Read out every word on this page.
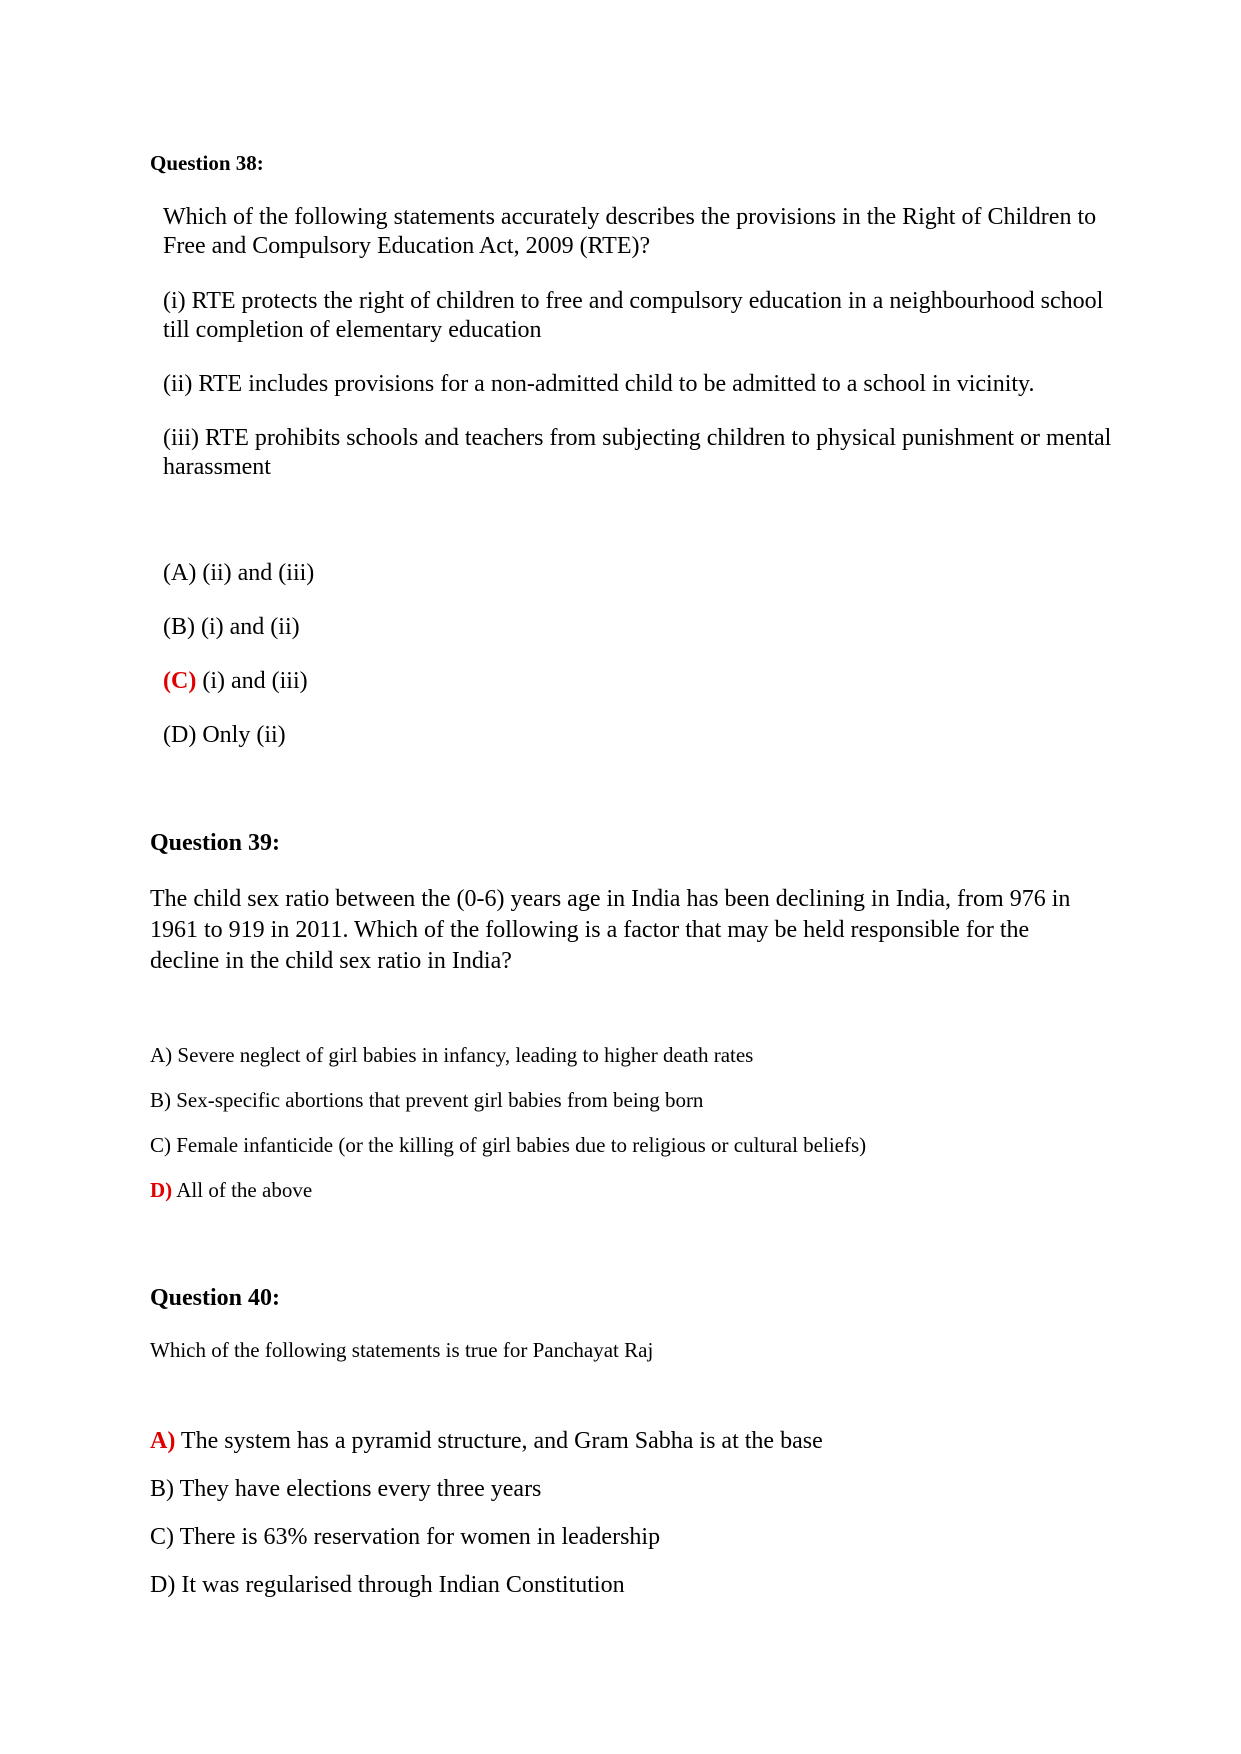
Question 38:
Which of the following statements accurately describes the provisions in the Right of Children to Free and Compulsory Education Act, 2009 (RTE)?
(i) RTE protects the right of children to free and compulsory education in a neighbourhood school till completion of elementary education
(ii) RTE includes provisions for a non-admitted child to be admitted to a school in vicinity.
(iii) RTE prohibits schools and teachers from subjecting children to physical punishment or mental harassment
(A) (ii) and (iii)
(B) (i) and (ii)
(C) (i) and (iii)
(D) Only (ii)
Question 39:
The child sex ratio between the (0-6) years age in India has been declining in India, from 976 in 1961 to 919 in 2011. Which of the following is a factor that may be held responsible for the decline in the child sex ratio in India?
A) Severe neglect of girl babies in infancy, leading to higher death rates
B) Sex-specific abortions that prevent girl babies from being born
C) Female infanticide (or the killing of girl babies due to religious or cultural beliefs)
D) All of the above
Question 40:
Which of the following statements is true for Panchayat Raj
A) The system has a pyramid structure, and Gram Sabha is at the base
B) They have elections every three years
C) There is 63% reservation for women in leadership
D) It was regularised through Indian Constitution
